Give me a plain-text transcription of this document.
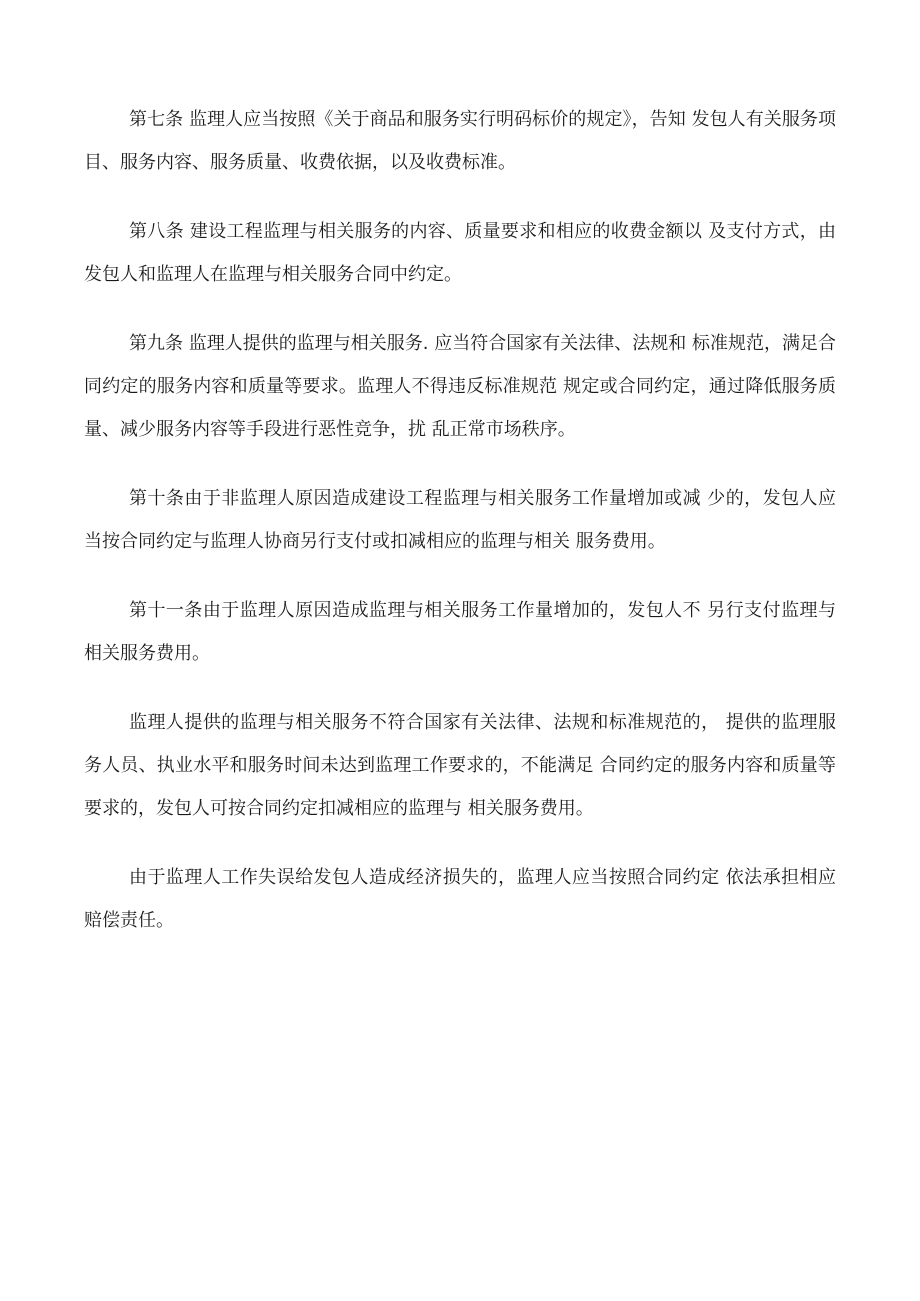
第七条 监理人应当按照《关于商品和服务实行明码标价的规定》，告知 发包人有关服务项目、服务内容、服务质量、收费依据，以及收费标准。

第八条 建设工程监理与相关服务的内容、质量要求和相应的收费金额以 及支付方式，由发包人和监理人在监理与相关服务合同中约定。

第九条 监理人提供的监理与相关服务. 应当符合国家有关法律、法规和 标准规范，满足合同约定的服务内容和质量等要求。监理人不得违反标准规范 规定或合同约定，通过降低服务质量、减少服务内容等手段进行恶性竞争，扰 乱正常市场秩序。

第十条由于非监理人原因造成建设工程监理与相关服务工作量增加或减 少的，发包人应当按合同约定与监理人协商另行支付或扣减相应的监理与相关 服务费用。

第十一条由于监理人原因造成监理与相关服务工作量增加的，发包人不 另行支付监理与相关服务费用。

监理人提供的监理与相关服务不符合国家有关法律、法规和标准规范的， 提供的监理服务人员、执业水平和服务时间未达到监理工作要求的，不能满足 合同约定的服务内容和质量等要求的，发包人可按合同约定扣减相应的监理与 相关服务费用。

由于监理人工作失误给发包人造成经济损失的，监理人应当按照合同约定 依法承担相应赔偿责任。
